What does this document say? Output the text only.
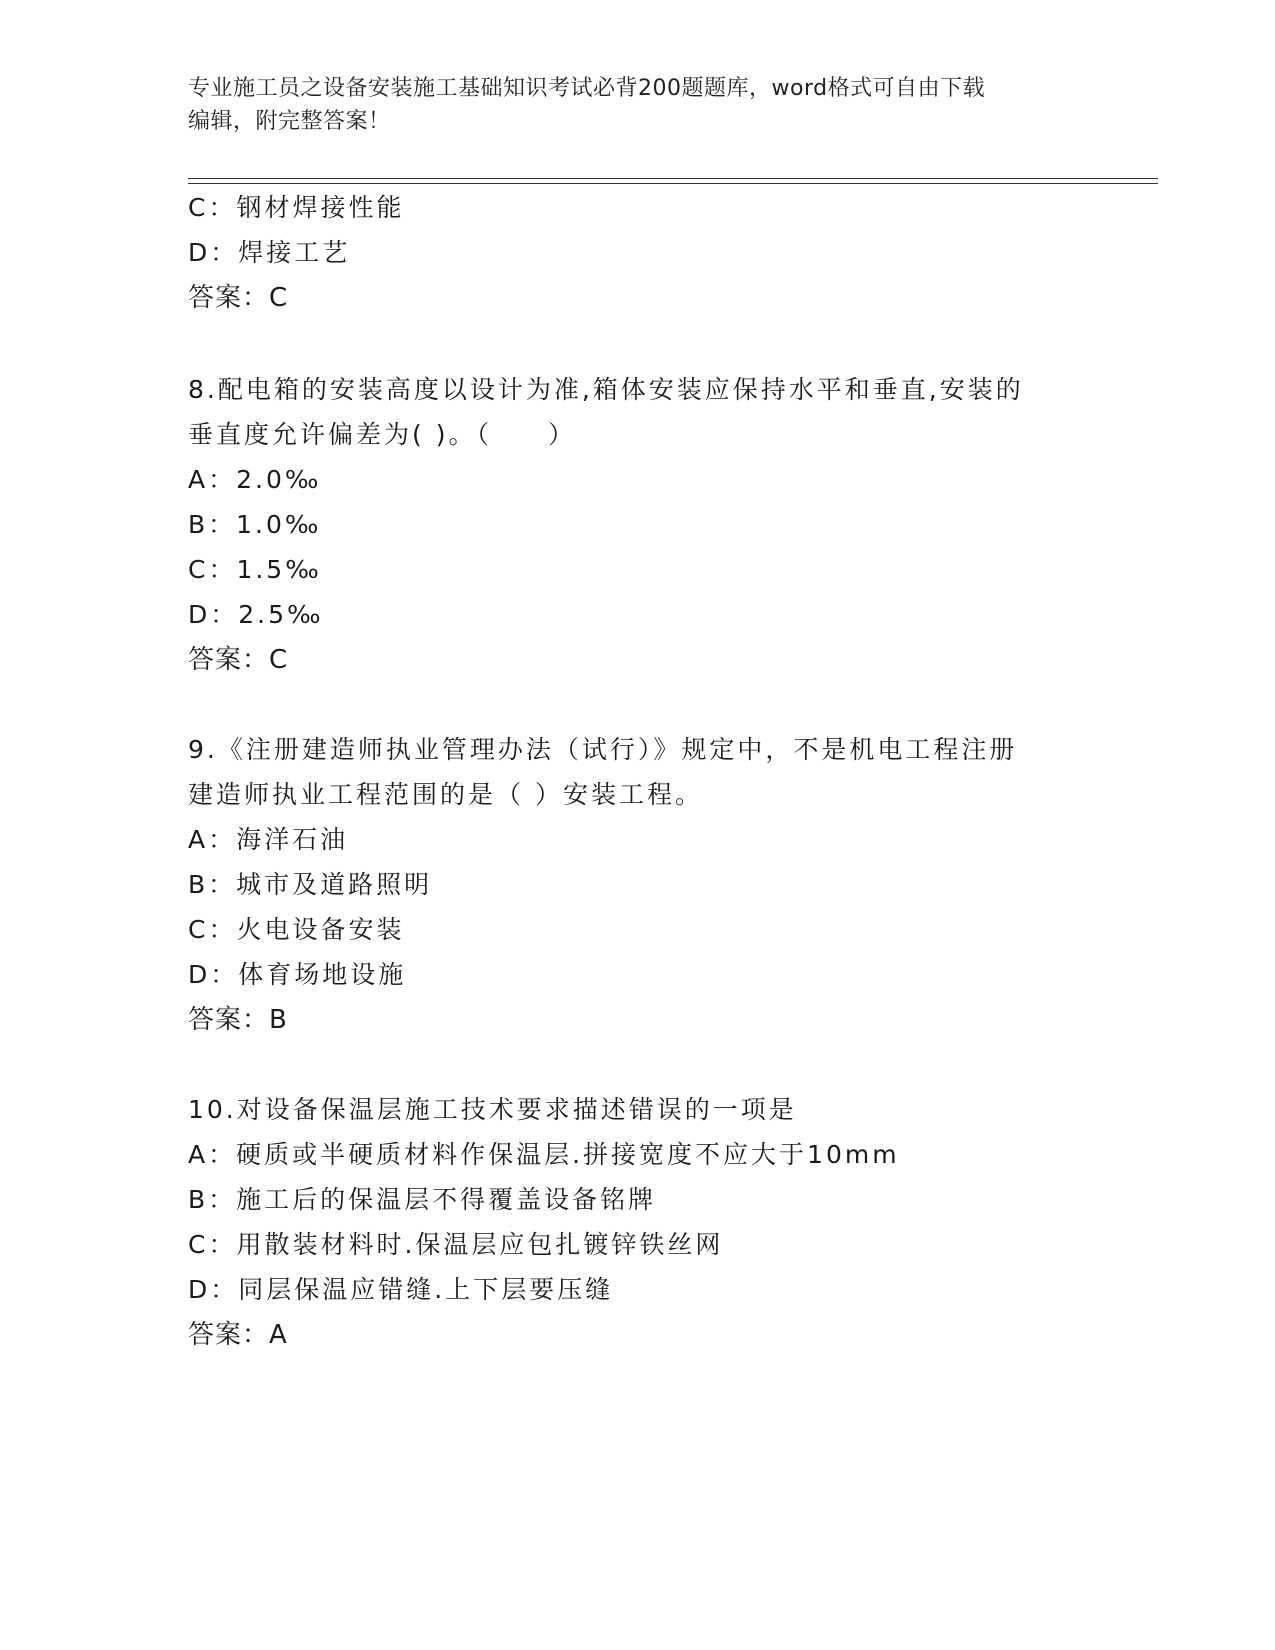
专业施工员之设备安装施工基础知识考试必背200题题库，word格式可自由下载
编辑，附完整答案！
C：钢材焊接性能
D：焊接工艺
答案：C
8.配电箱的安装高度以设计为准,箱体安装应保持水平和垂直,安装的
垂直度允许偏差为( )。（　　）
A：2.0‰
B：1.0‰
C：1.5‰
D：2.5‰
答案：C
9.《注册建造师执业管理办法（试行）》规定中，不是机电工程注册
建造师执业工程范围的是（ ）安装工程。
A：海洋石油
B：城市及道路照明
C：火电设备安装
D：体育场地设施
答案：B
10.对设备保温层施工技术要求描述错误的一项是
A：硬质或半硬质材料作保温层.拼接宽度不应大于10mm
B：施工后的保温层不得覆盖设备铭牌
C：用散装材料时.保温层应包扎镀锌铁丝网
D：同层保温应错缝.上下层要压缝
答案：A
